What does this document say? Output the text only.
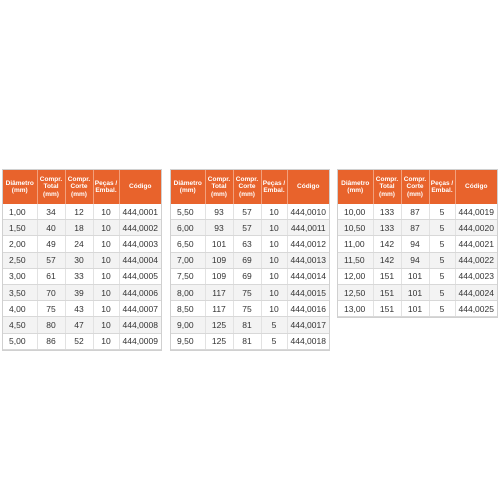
Diâmetro (mm)	Compr. Total (mm)	Compr. Corte (mm)	Peças / Embal.	Código
1,00	34	12	10	444,0001
1,50	40	18	10	444,0002
2,00	49	24	10	444,0003
2,50	57	30	10	444,0004
3,00	61	33	10	444,0005
3,50	70	39	10	444,0006
4,00	75	43	10	444,0007
4,50	80	47	10	444,0008
5,00	86	52	10	444,0009
Diâmetro (mm)	Compr. Total (mm)	Compr. Corte (mm)	Peças / Embal.	Código
5,50	93	57	10	444,0010
6,00	93	57	10	444,0011
6,50	101	63	10	444,0012
7,00	109	69	10	444,0013
7,50	109	69	10	444,0014
8,00	117	75	10	444,0015
8,50	117	75	10	444,0016
9,00	125	81	5	444,0017
9,50	125	81	5	444,0018
Diâmetro (mm)	Compr. Total (mm)	Compr. Corte (mm)	Peças / Embal.	Código
10,00	133	87	5	444,0019
10,50	133	87	5	444,0020
11,00	142	94	5	444,0021
11,50	142	94	5	444,0022
12,00	151	101	5	444,0023
12,50	151	101	5	444,0024
13,00	151	101	5	444,0025
